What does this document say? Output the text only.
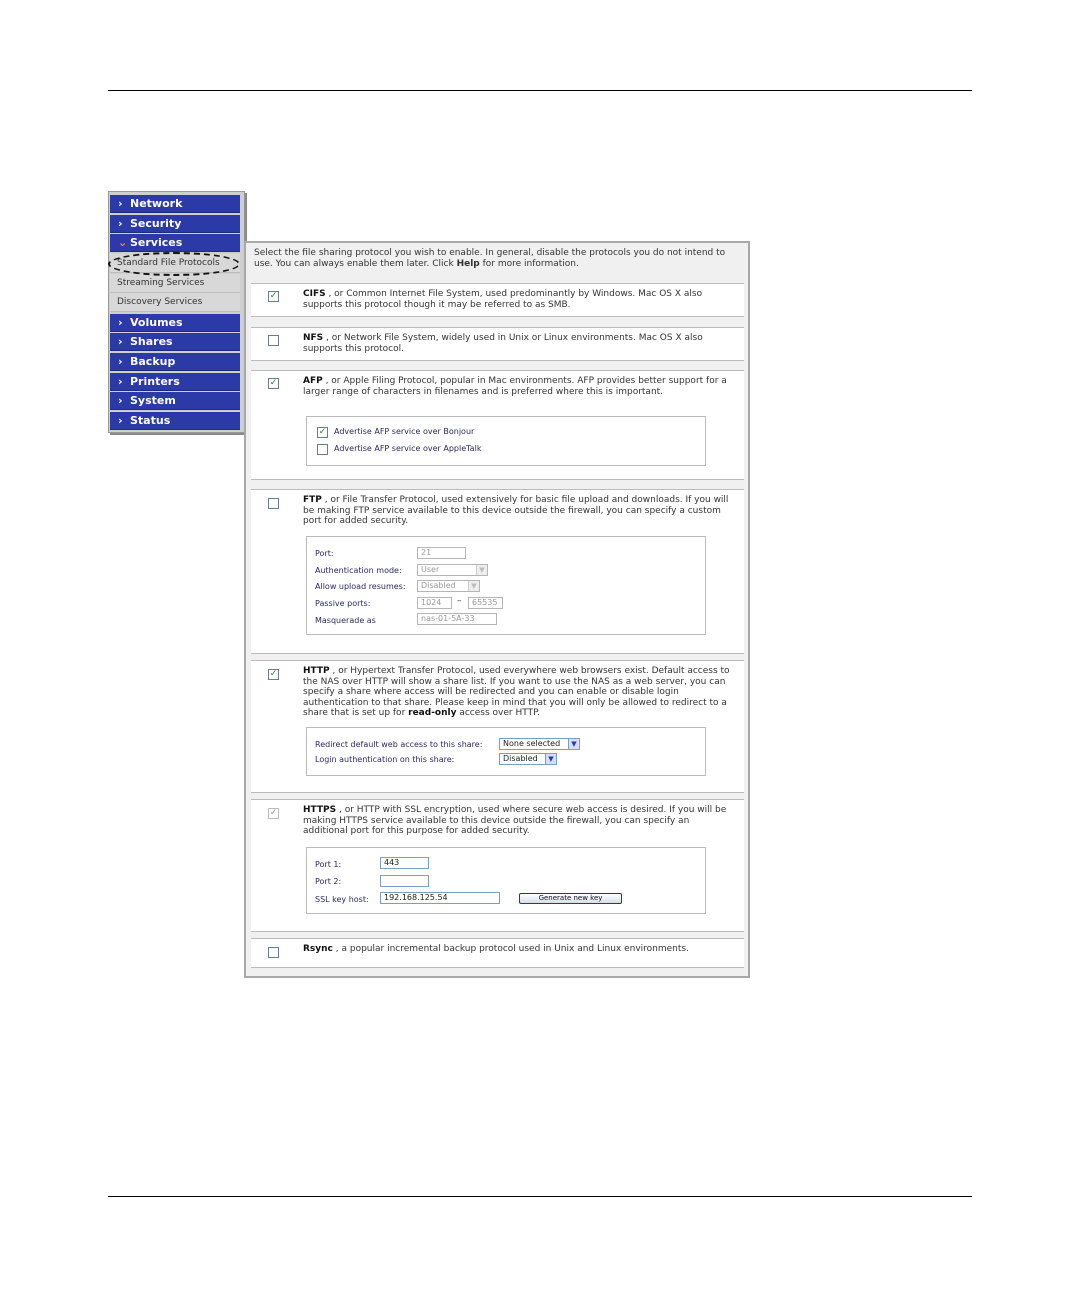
› Network
› Security
⌄ Services
Standard File Protocols
Streaming Services
Discovery Services
› Volumes
› Shares
› Backup
› Printers
› System
› Status
Select the file sharing protocol you wish to enable. In general, disable the protocols you do not intend to use. You can always enable them later. Click Help for more information.
✓	CIFS , or Common Internet File System, used predominantly by Windows. Mac OS X also supports this protocol though it may be referred to as SMB.
NFS , or Network File System, widely used in Unix or Linux environments. Mac OS X also supports this protocol.
✓	AFP , or Apple Filing Protocol, popular in Mac environments. AFP provides better support for a larger range of characters in filenames and is preferred where this is important.
✓ Advertise AFP service over Bonjour
Advertise AFP service over AppleTalk
FTP , or File Transfer Protocol, used extensively for basic file upload and downloads. If you will be making FTP service available to this device outside the firewall, you can specify a custom port for added security.
Port:	21
Authentication mode:	User	▼
Allow upload resumes:	Disabled	▼
Passive ports:	1024	–	65535
Masquerade as	nas-01-5A-33
✓	HTTP , or Hypertext Transfer Protocol, used everywhere web browsers exist. Default access to the NAS over HTTP will show a share list. If you want to use the NAS as a web server, you can specify a share where access will be redirected and you can enable or disable login authentication to that share. Please keep in mind that you will only be allowed to redirect to a share that is set up for read-only access over HTTP.
Redirect default web access to this share:	None selected	▼
Login authentication on this share:	Disabled	▼
✓	HTTPS , or HTTP with SSL encryption, used where secure web access is desired. If you will be making HTTPS service available to this device outside the firewall, you can specify an additional port for this purpose for added security.
Port 1:	443
Port 2:
SSL key host:	192.168.125.54	Generate new key
Rsync , a popular incremental backup protocol used in Unix and Linux environments.
